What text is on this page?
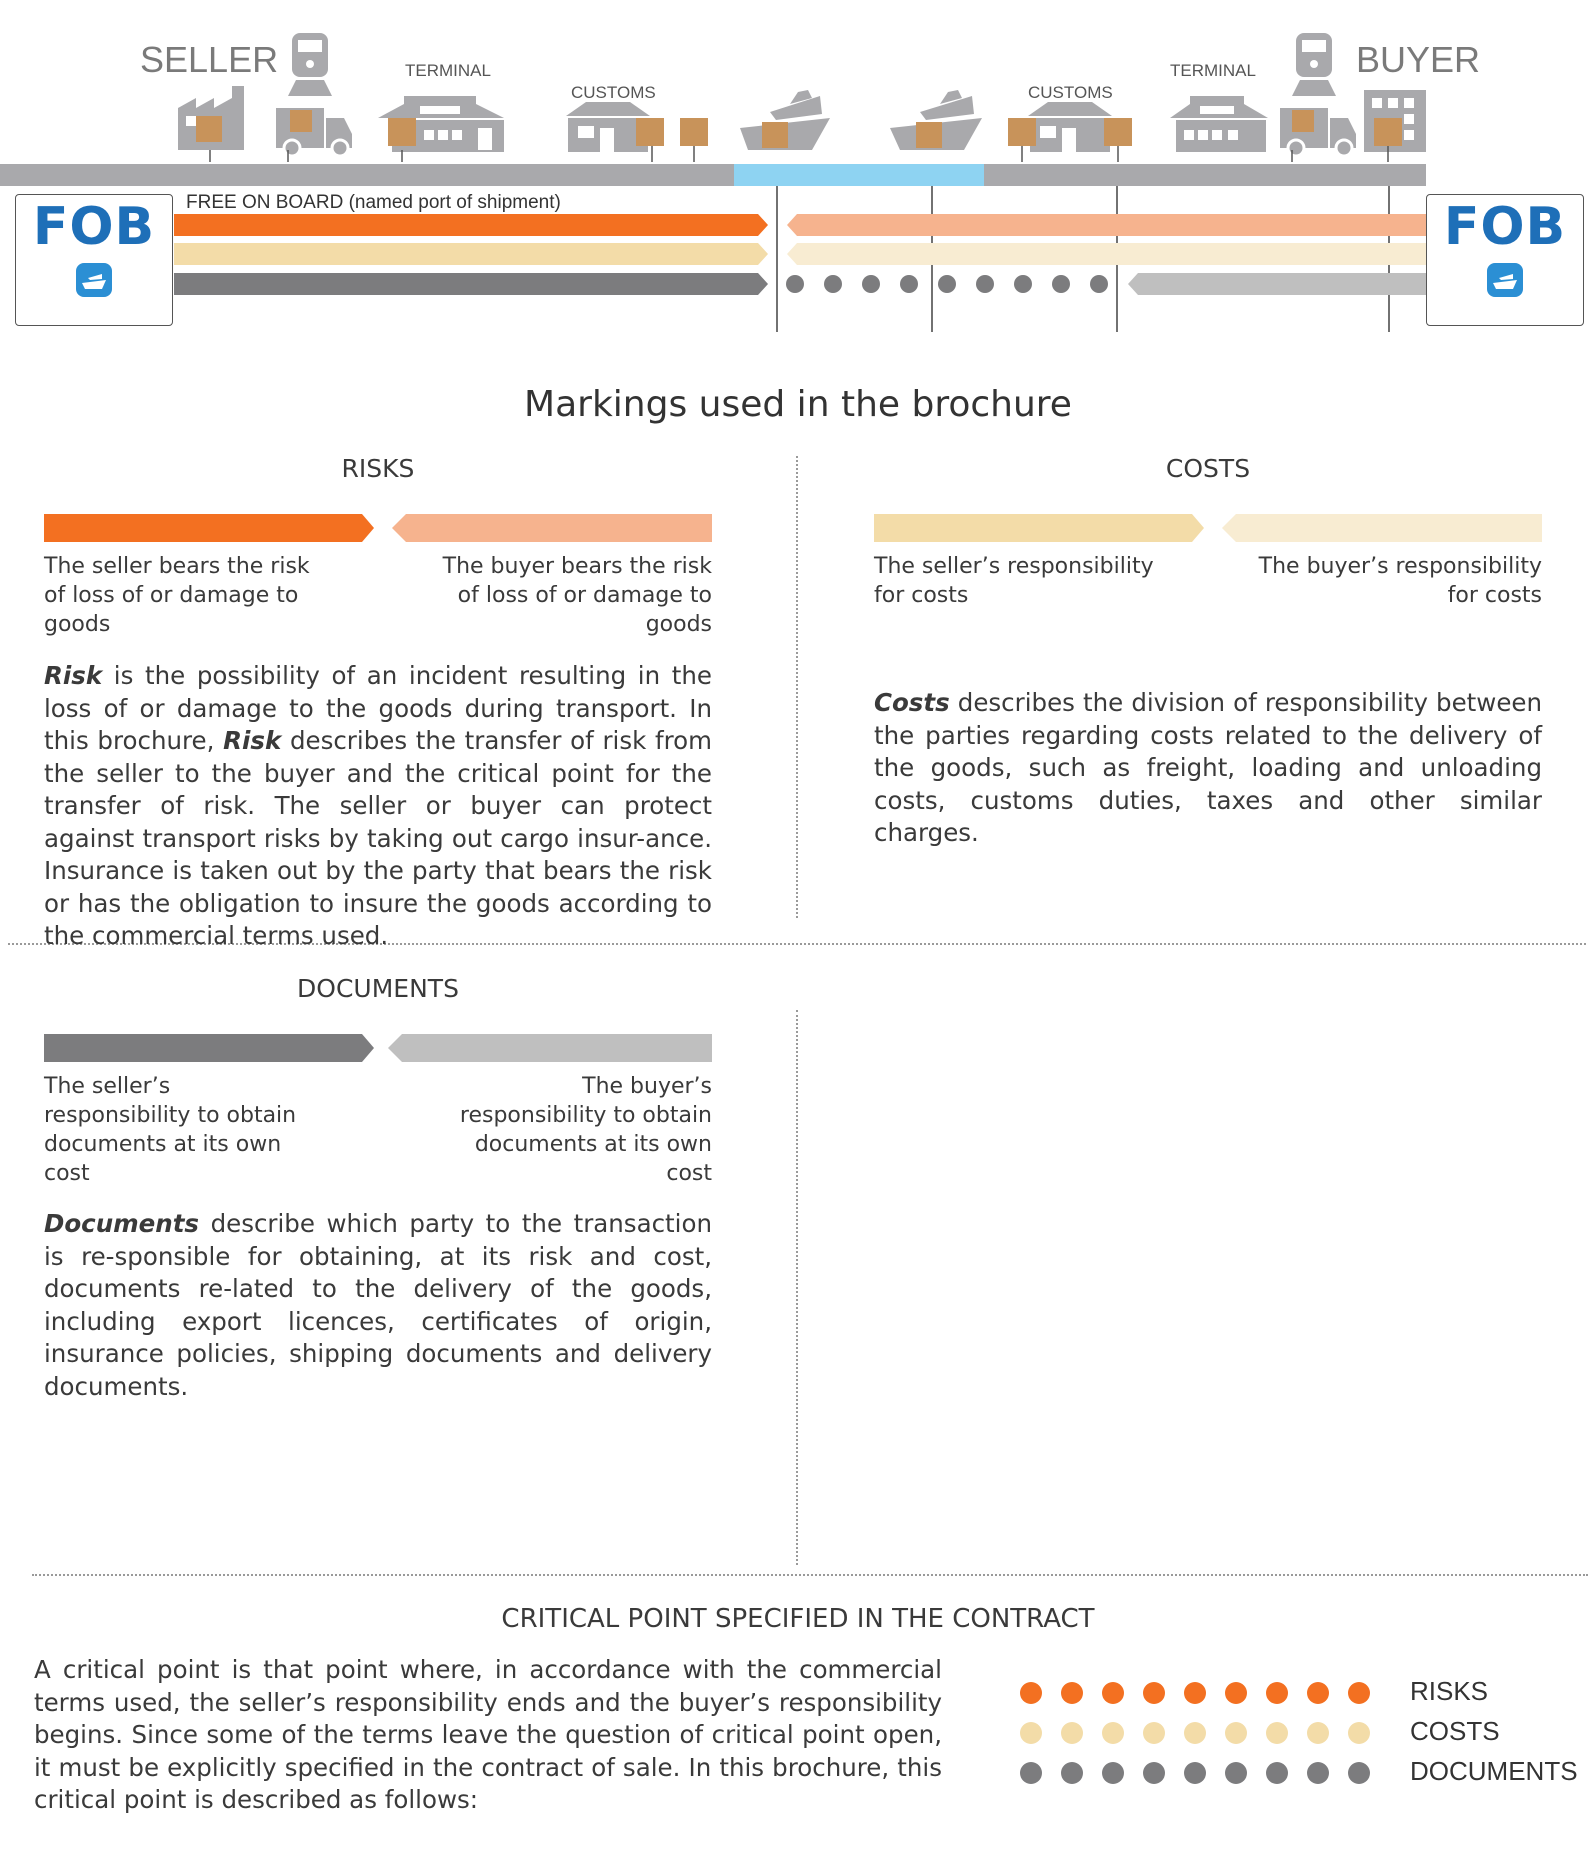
SELLER	BUYER
TERMINAL
CUSTOMS	CUSTOMS
TERMINAL
FREE ON BOARD (named port of shipment)
FOB	FOB
Markings used in the brochure
RISKS
The seller bears the risk of loss of or damage to goods
The buyer bears the risk of loss of or damage to goods
Risk is the possibility of an incident resulting in the loss of or damage to the goods during transport. In this brochure, Risk describes the transfer of risk from the seller to the buyer and the critical point for the transfer of risk. The seller or buyer can protect against transport risks by taking out cargo insur-ance. Insurance is taken out by the party that bears the risk or has the obligation to insure the goods according to the commercial terms used.
COSTS
The seller’s responsibility for costs
The buyer’s responsibility for costs
Costs describes the division of responsibility between the parties regarding costs related to the delivery of the goods, such as freight, loading and unloading costs, customs duties, taxes and other similar charges.
DOCUMENTS
The seller’s responsibility to obtain documents at its own cost
The buyer’s responsibility to obtain documents at its own cost
Documents describe which party to the transaction is re-sponsible for obtaining, at its risk and cost, documents re-lated to the delivery of the goods, including export licences, certificates of origin, insurance policies, shipping documents and delivery documents.
CRITICAL POINT SPECIFIED IN THE CONTRACT
A critical point is that point where, in accordance with the commercial terms used, the seller’s responsibility ends and the buyer’s responsibility begins. Since some of the terms leave the question of critical point open, it must be explicitly specified in the contract of sale. In this brochure, this critical point is described as follows:
RISKS
COSTS
DOCUMENTS
